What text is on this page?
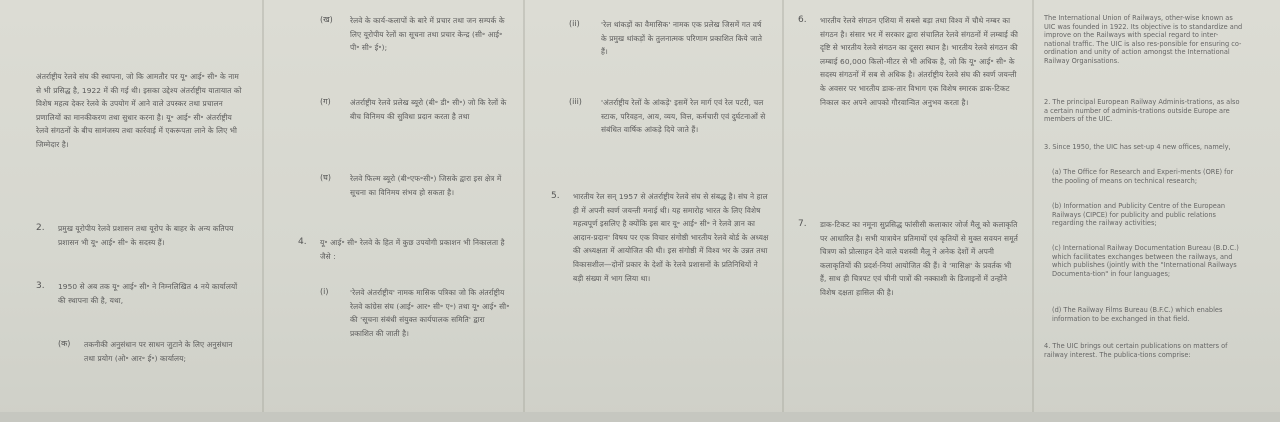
अंतर्राष्ट्रीय रेलवे संघ की स्थापना, जो कि आमतौर पर यू॰ आई॰ सी॰ के नाम से भी प्रसिद्ध है, 1922 में की गई थी। इसका उद्देश्य अंतर्राष्ट्रीय यातायात को विशेष महत्व देकर रेलवे के उपयोग में आने वाले उपस्कर तथा प्रचालन प्रणालियों का मानकीकरण तथा सुधार करना है। यू॰ आई॰ सी॰ अंतर्राष्ट्रीय रेलवे संगठनों के बीच सामंजस्य तथा कार्रवाई में एकरूपता लाने के लिए भी जिम्मेदार है।
2. प्रमुख यूरोपीय रेलवे प्रशासन तथा यूरोप के बाहर के अन्य कतिपय प्रशासन भी यू॰ आई॰ सी॰ के सदस्य हैं।
3. 1950 से अब तक यू॰ आई॰ सी॰ ने निम्नलिखित 4 नये कार्यालयों की स्थापना की है, यथा,
(क) तकनीकी अनुसंधान पर साधन जुटाने के लिए अनुसंधान तथा प्रयोग (ओ॰ आर॰ ई॰) कार्यालय;
(ख) रेलवे के कार्य-कलापों के बारे में प्रचार तथा जन सम्पर्क के लिए यूरोपीय रेलों का सूचना तथा प्रचार केन्द्र (सी॰ आई॰ पी॰ सी॰ ई॰);
(ग)	अंतर्राष्ट्रीय रेलवे प्रलेख ब्यूरो (बी॰ डी॰ सी॰) जो कि रेलों के बीच विनिमय की सुविधा प्रदान करता है तथा
(घ)	रेलवे फिल्म ब्यूरो (बी॰एफ॰सी॰) जिसके द्वारा इस क्षेत्र में सूचना का विनिमय संभव हो सकता है।
4. यू॰ आई॰ सी॰ रेलवे के हित में कुछ उपयोगी प्रकाशन भी निकालता है जैसे :
(i)	'रेलवे अंतर्राष्ट्रीय' नामक मासिक पत्रिका जो कि अंतर्राष्ट्रीय रेलवे कांग्रेस संघ (आई॰ आर॰ सी॰ ए॰) तथा यू॰ आई॰ सी॰ की 'सूचना संबंधी संयुक्त कार्यपालक समिति' द्वारा प्रकाशित की जाती है।
(ii)	'रेल थांकड़ों का वैमासिक' नामक एक प्रलेख जिसमें गत वर्ष के प्रमुख थांकड़ों के तुलनात्मक परिणाम प्रकाशित किये जाते हैं।
(iii)	'अंतर्राष्ट्रीय रेलों के आंकड़े' इसमें रेल मार्ग एवं रेल पटरी, चल स्टाक, परिवहन, आय, व्यय, वित्त, कर्मचारी एवं दुर्घटनाओं से संबंधित वार्षिक आंकड़े दिये जाते हैं।
5. भारतीय रेल सन् 1957 से अंतर्राष्ट्रीय रेलवे संघ से संबद्ध है। संघ ने हाल ही में अपनी स्वर्ण जयन्ती मनाई थी। यह समारोह भारत के लिए विशेष महत्वपूर्ण इसलिए है क्योंकि इस बार यू॰ आई॰ सी॰ ने रेलवे ज्ञान का आदान-प्रदान' विषय पर एक विचार संगोष्ठी भारतीय रेलवे बोर्ड के अध्यक्ष की अध्यक्षता में आयोजित की थी। इस संगोष्ठी में विश्व भर के उन्नत तथा विकासशील—दोनों प्रकार के देशों के रेलवे प्रशासनों के प्रतिनिधियों ने बड़ी संख्या में भाग लिया था।
6. भारतीय रेलवे संगठन एशिया में सबसे बड़ा तथा विश्व में चौथे नम्बर का संगठन है। संसार भर में सरकार द्वारा संचालित रेलवे संगठनों में लम्बाई की दृष्टि से भारतीय रेलवे संगठन का दूसरा स्थान है। भारतीय रेलवे संगठन की लम्बाई 60,000 किलो-मीटर से भी अधिक है, जो कि यू॰ आई॰ सी॰ के सदस्य संगठनों में सब से अधिक है। अंतर्राष्ट्रीय रेलवे संघ की स्वर्ण जयन्ती के अवसर पर भारतीय डाक-तार विभाग एक विशेष स्मारक डाक-टिकट निकाल कर अपने आपको गौरवान्वित अनुभव करता है।
7. डाक-टिकट का नमूना सुप्रसिद्ध फांसीसी कलाकार जोर्ज मैलू को कलाकृति पर आधारित है। सभी यात्रायेन प्रतिमायों एवं कृतियों से मुक्त सवयन समूर्त चित्रण को प्रोत्साहन देने वाले यशस्वी मैलू ने अनेक देशों में अपनी कलाकृतियों की प्रदर्श-नियां आयोजित की हैं। वे 'मासिक्ष' के प्रवर्तक भी हैं, साथ ही चित्रपट एवं चीनी पात्रों की नक्काशी के डिजाइनों में उन्होंने विशेष दक्षता हासिल की है।
The International Union of Railways, other-wise known as UIC was founded in 1922. Its objective is to standardize and improve on the Railways with special regard to inter-national traffic. The UIC is also res-ponsible for ensuring co-ordination and unity of action amongst the International Railway Organisations.
2. The principal European Railway Adminis-trations, as also a certain number of adminis-trations outside Europe are members of the UIC.
3. Since 1950, the UIC has set-up 4 new offices, namely,
(a) The Office for Research and Experi-ments (ORE) for the pooling of means on technical research;
(b) Information and Publicity Centre of the European Railways (CIPCE) for publicity and public relations regarding the railway activities;
(c) International Railway Documentation Bureau (B.D.C.) which facilitates exchanges between the railways, and which publishes (jointly with the "International Railways Documenta-tion" in four languages;
(d) The Railway Films Bureau (B.F.C.) which enables information to be exchanged in that field.
4. The UIC brings out certain publications on matters of railway interest. The publica-tions comprise:
